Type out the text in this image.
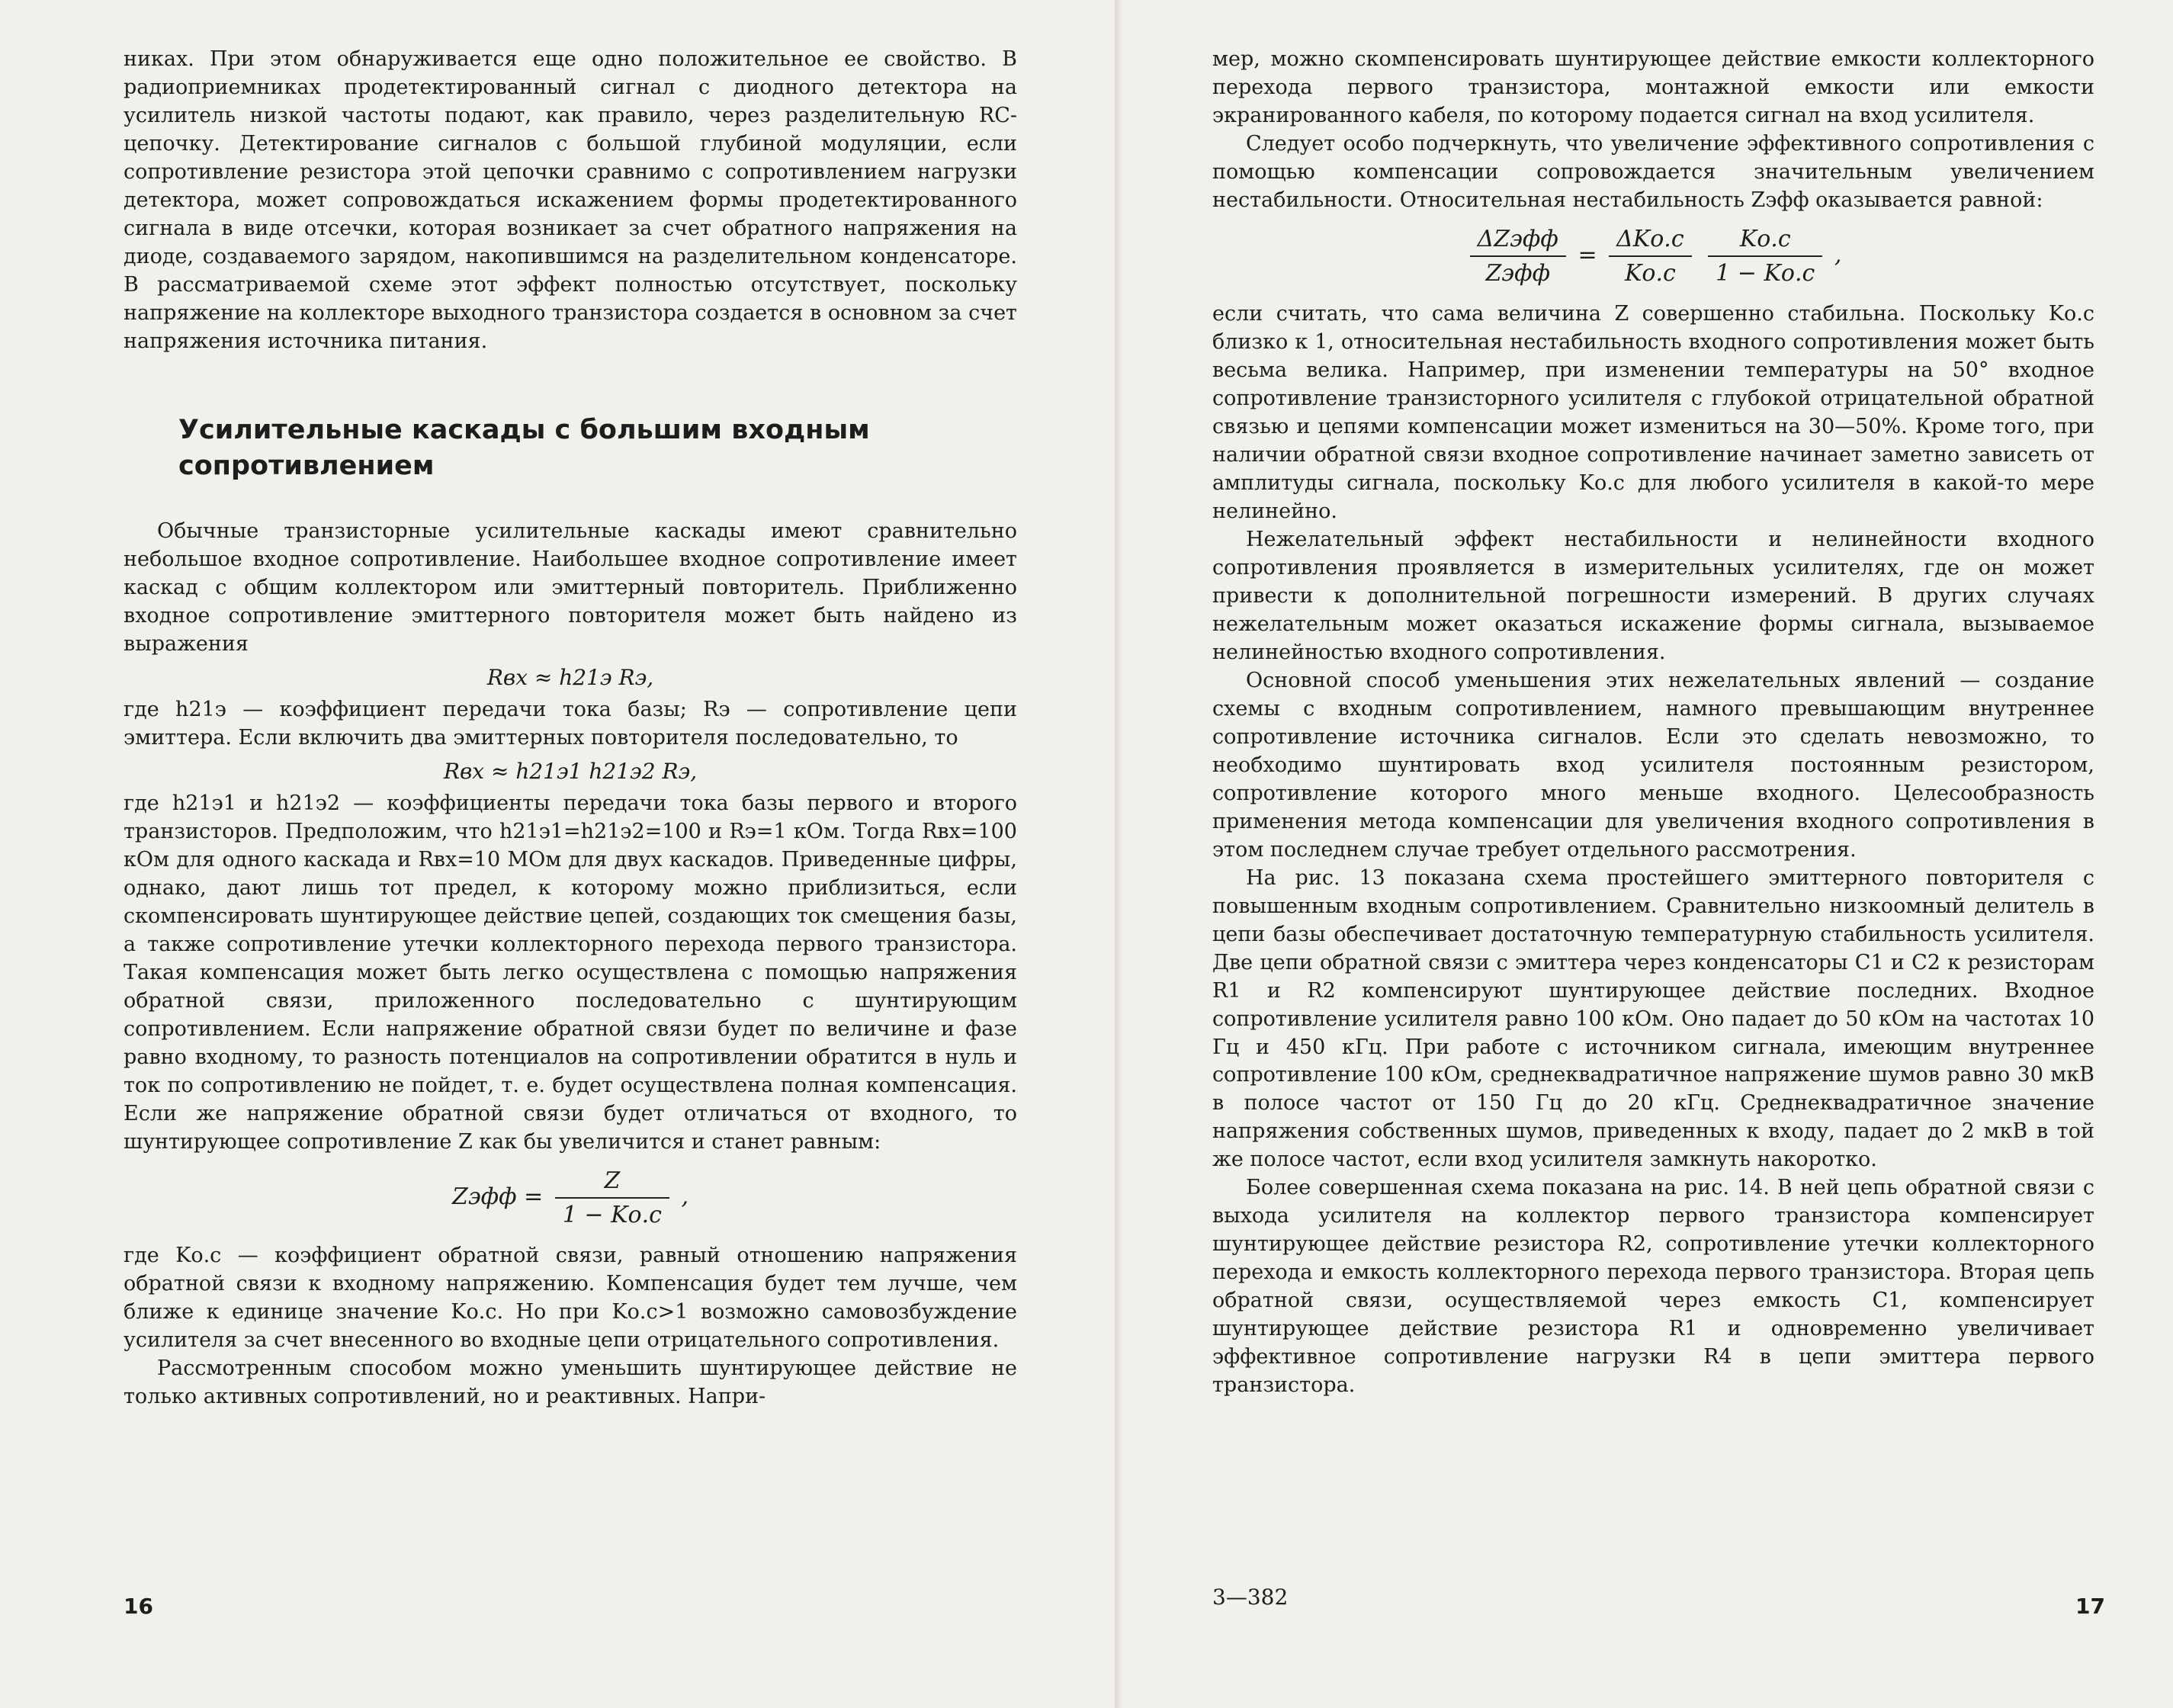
никах. При этом обнаруживается еще одно положительное ее свойство. В радиоприемниках продетектированный сигнал с диодного детектора на усилитель низкой частоты подают, как правило, через разделительную RC-цепочку. Детектирование сигналов с большой глубиной модуляции, если сопротивление резистора этой цепочки сравнимо с сопротивлением нагрузки детектора, может сопровождаться искажением формы продетектированного сигнала в виде отсечки, которая возникает за счет обратного напряжения на диоде, создаваемого зарядом, накопившимся на разделительном конденсаторе. В рассматриваемой схеме этот эффект полностью отсутствует, поскольку напряжение на коллекторе выходного транзистора создается в основном за счет напряжения источника питания.

Усилительные каскады с большим входным сопротивлением

Обычные транзисторные усилительные каскады имеют сравнительно небольшое входное сопротивление. Наибольшее входное сопротивление имеет каскад с общим коллектором или эмиттерный повторитель. Приближенно входное сопротивление эмиттерного повторителя может быть найдено из выражения

Rвх ≈ h21э Rэ,

где h21э — коэффициент передачи тока базы; Rэ — сопротивление цепи эмиттера. Если включить два эмиттерных повторителя последовательно, то

Rвх ≈ h21э1 h21э2 Rэ,

где h21э1 и h21э2 — коэффициенты передачи тока базы первого и второго транзисторов. Предположим, что h21э1=h21э2=100 и Rэ=1 кОм. Тогда Rвх=100 кОм для одного каскада и Rвх=10 МОм для двух каскадов. Приведенные цифры, однако, дают лишь тот предел, к которому можно приблизиться, если скомпенсировать шунтирующее действие цепей, создающих ток смещения базы, а также сопротивление утечки коллекторного перехода первого транзистора. Такая компенсация может быть легко осуществлена с помощью напряжения обратной связи, приложенного последовательно с шунтирующим сопротивлением. Если напряжение обратной связи будет по величине и фазе равно входному, то разность потенциалов на сопротивлении обратится в нуль и ток по сопротивлению не пойдет, т. е. будет осуществлена полная компенсация. Если же напряжение обратной связи будет отличаться от входного, то шунтирующее сопротивление Z как бы увеличится и станет равным:

Zэфф = $\frac{Z}{1 - Kо.с}$ ,

где Kо.с — коэффициент обратной связи, равный отношению напряжения обратной связи к входному напряжению. Компенсация будет тем лучше, чем ближе к единице значение Kо.с. Но при Kо.с>1 возможно самовозбуждение усилителя за счет внесенного во входные цепи отрицательного сопротивления.

Рассмотренным способом можно уменьшить шунтирующее действие не только активных сопротивлений, но и реактивных. Напри-

16

мер, можно скомпенсировать шунтирующее действие емкости коллекторного перехода первого транзистора, монтажной емкости или емкости экранированного кабеля, по которому подается сигнал на вход усилителя.

Следует особо подчеркнуть, что увеличение эффективного сопротивления с помощью компенсации сопровождается значительным увеличением нестабильности. Относительная нестабильность Zэфф оказывается равной:

$\frac{\text{ΔZэфф}}{\text{Zэфф}} = \frac{\text{ΔKо.с}}{Kо.с}$
$\frac{Kо.с}{1 - Kо.с}$ ,

если считать, что сама величина Z совершенно стабильна. Поскольку Kо.с близко к 1, относительная нестабильность входного сопротивления может быть весьма велика. Например, при изменении температуры на 50° входное сопротивление транзисторного усилителя с глубокой отрицательной обратной связью и цепями компенсации может измениться на 30—50%. Кроме того, при наличии обратной связи входное сопротивление начинает заметно зависеть от амплитуды сигнала, поскольку Kо.с для любого усилителя в какой-то мере нелинейно.

Нежелательный эффект нестабильности и нелинейности входного сопротивления проявляется в измерительных усилителях, где он может привести к дополнительной погрешности измерений. В других случаях нежелательным может оказаться искажение формы сигнала, вызываемое нелинейностью входного сопротивления.

Основной способ уменьшения этих нежелательных явлений — создание схемы с входным сопротивлением, намного превышающим внутреннее сопротивление источника сигналов. Если это сделать невозможно, то необходимо шунтировать вход усилителя постоянным резистором, сопротивление которого много меньше входного. Целесообразность применения метода компенсации для увеличения входного сопротивления в этом последнем случае требует отдельного рассмотрения.

На рис. 13 показана схема простейшего эмиттерного повторителя с повышенным входным сопротивлением. Сравнительно низкоомный делитель в цепи базы обеспечивает достаточную температурную стабильность усилителя. Две цепи обратной связи с эмиттера через конденсаторы C1 и C2 к резисторам R1 и R2 компенсируют шунтирующее действие последних. Входное сопротивление усилителя равно 100 кОм. Оно падает до 50 кОм на частотах 10 Гц и 450 кГц. При работе с источником сигнала, имеющим внутреннее сопротивление 100 кОм, среднеквадратичное напряжение шумов равно 30 мкВ в полосе частот от 150 Гц до 20 кГц. Среднеквадратичное значение напряжения собственных шумов, приведенных к входу, падает до 2 мкВ в той же полосе частот, если вход усилителя замкнуть накоротко.

Более совершенная схема показана на рис. 14. В ней цепь обратной связи с выхода усилителя на коллектор первого транзистора компенсирует шунтирующее действие резистора R2, сопротивление утечки коллекторного перехода и емкость коллекторного перехода первого транзистора. Вторая цепь обратной связи, осуществляемой через емкость C1, компенсирует шунтирующее действие резистора R1 и одновременно увеличивает эффективное сопротивление нагрузки R4 в цепи эмиттера первого транзистора.

3—382	17
